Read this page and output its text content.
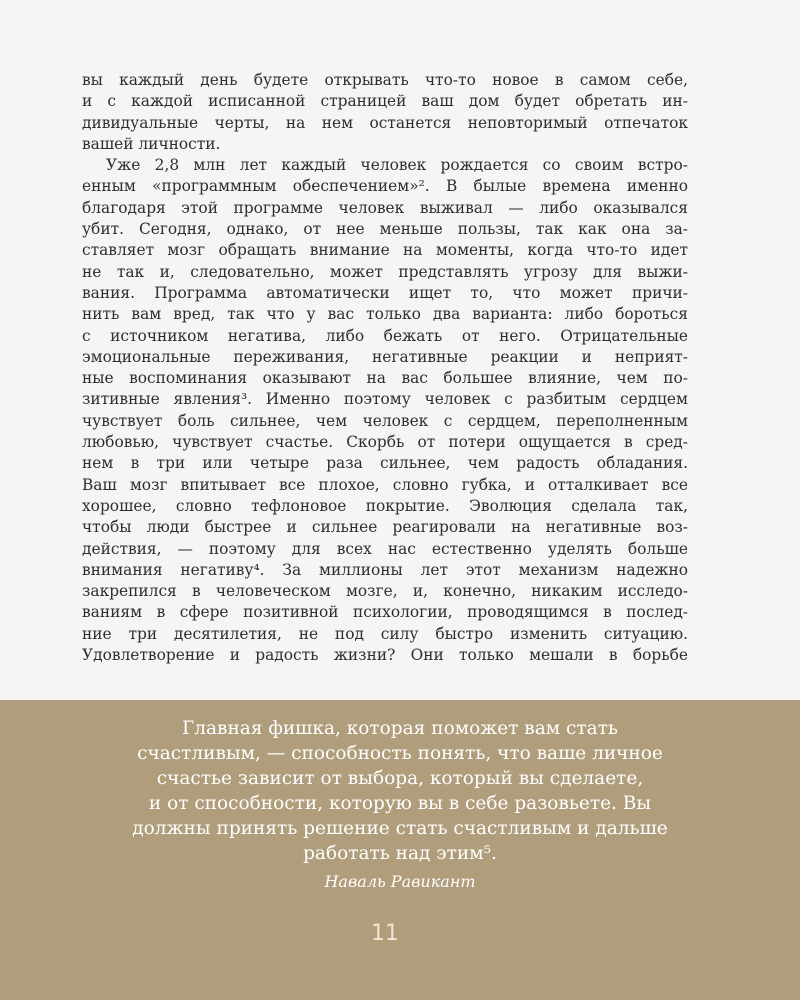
вы каждый день будете открывать что-то новое в самом себе,
и с каждой исписанной страницей ваш дом будет обретать ин-
дивидуальные черты, на нем останется неповторимый отпечаток
вашей личности.

Уже 2,8 млн лет каждый человек рождается со своим встро-
енным «программным обеспечением»². В былые времена именно
благодаря этой программе человек выживал — либо оказывался
убит. Сегодня, однако, от нее меньше пользы, так как она за-
ставляет мозг обращать внимание на моменты, когда что-то идет
не так и, следовательно, может представлять угрозу для выжи-
вания. Программа автоматически ищет то, что может причи-
нить вам вред, так что у вас только два варианта: либо бороться
с источником негатива, либо бежать от него. Отрицательные
эмоциональные переживания, негативные реакции и неприят-
ные воспоминания оказывают на вас большее влияние, чем по-
зитивные явления³. Именно поэтому человек с разбитым сердцем
чувствует боль сильнее, чем человек с сердцем, переполненным
любовью, чувствует счастье. Скорбь от потери ощущается в сред-
нем в три или четыре раза сильнее, чем радость обладания.
Ваш мозг впитывает все плохое, словно губка, и отталкивает все
хорошее, словно тефлоновое покрытие. Эволюция сделала так,
чтобы люди быстрее и сильнее реагировали на негативные воз-
действия, — поэтому для всех нас естественно уделять больше
внимания негативу⁴. За миллионы лет этот механизм надежно
закрепился в человеческом мозге, и, конечно, никаким исследо-
ваниям в сфере позитивной психологии, проводящимся в послед-
ние три десятилетия, не под силу быстро изменить ситуацию.
Удовлетворение и радость жизни? Они только мешали в борьбе

Главная фишка, которая поможет вам стать
счастливым, — способность понять, что ваше личное
счастье зависит от выбора, который вы сделаете,
и от способности, которую вы в себе разовьете. Вы
должны принять решение стать счастливым и дальше
работать над этим⁵.
Наваль Равикант
11
